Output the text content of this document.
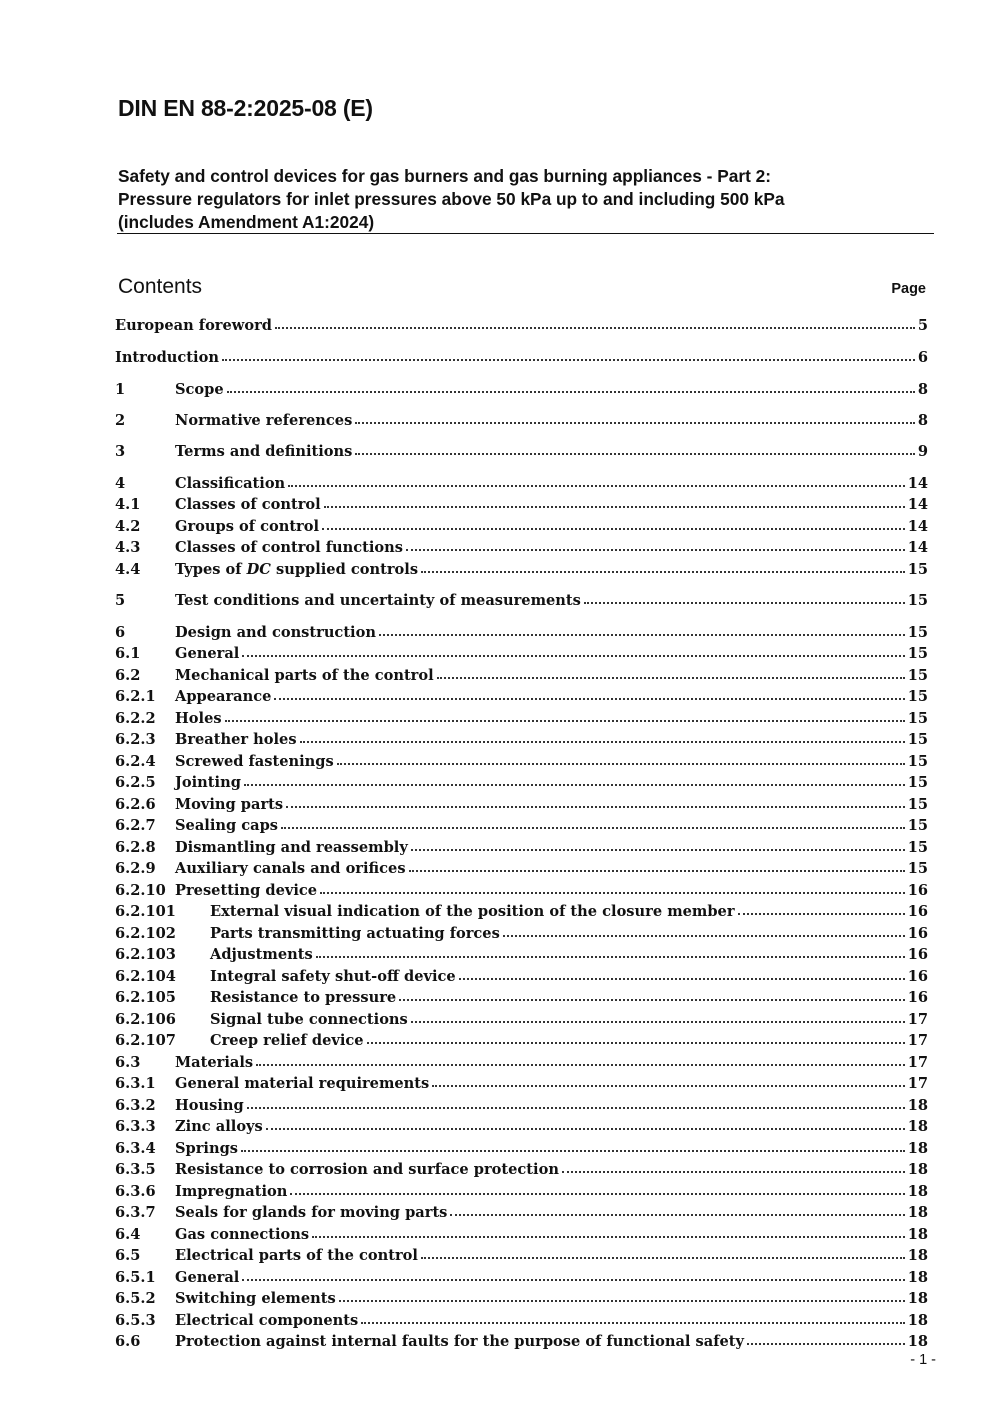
DIN EN 88-2:2025-08 (E)
Safety and control devices for gas burners and gas burning appliances - Part 2:
Pressure regulators for inlet pressures above 50 kPa up to and including 500 kPa
(includes Amendment A1:2024)
Contents	Page
European foreword	5
Introduction	6
1	Scope	8
2	Normative references	8
3	Terms and definitions	9
4	Classification	14
4.1	Classes of control	14
4.2	Groups of control	14
4.3	Classes of control functions	14
4.4	Types of DC supplied controls	15
5	Test conditions and uncertainty of measurements	15
6	Design and construction	15
6.1	General	15
6.2	Mechanical parts of the control	15
6.2.1	Appearance	15
6.2.2	Holes	15
6.2.3	Breather holes	15
6.2.4	Screwed fastenings	15
6.2.5	Jointing	15
6.2.6	Moving parts	15
6.2.7	Sealing caps	15
6.2.8	Dismantling and reassembly	15
6.2.9	Auxiliary canals and orifices	15
6.2.10 Presetting device	16
6.2.101	External visual indication of the position of the closure member	16
6.2.102	Parts transmitting actuating forces	16
6.2.103	Adjustments	16
6.2.104	Integral safety shut-off device	16
6.2.105	Resistance to pressure	16
6.2.106	Signal tube connections	17
6.2.107	Creep relief device	17
6.3	Materials	17
6.3.1	General material requirements	17
6.3.2	Housing	18
6.3.3	Zinc alloys	18
6.3.4	Springs	18
6.3.5	Resistance to corrosion and surface protection	18
6.3.6	Impregnation	18
6.3.7	Seals for glands for moving parts	18
6.4	Gas connections	18
6.5	Electrical parts of the control	18
6.5.1	General	18
6.5.2	Switching elements	18
6.5.3	Electrical components	18
6.6	Protection against internal faults for the purpose of functional safety	18
- 1 -
